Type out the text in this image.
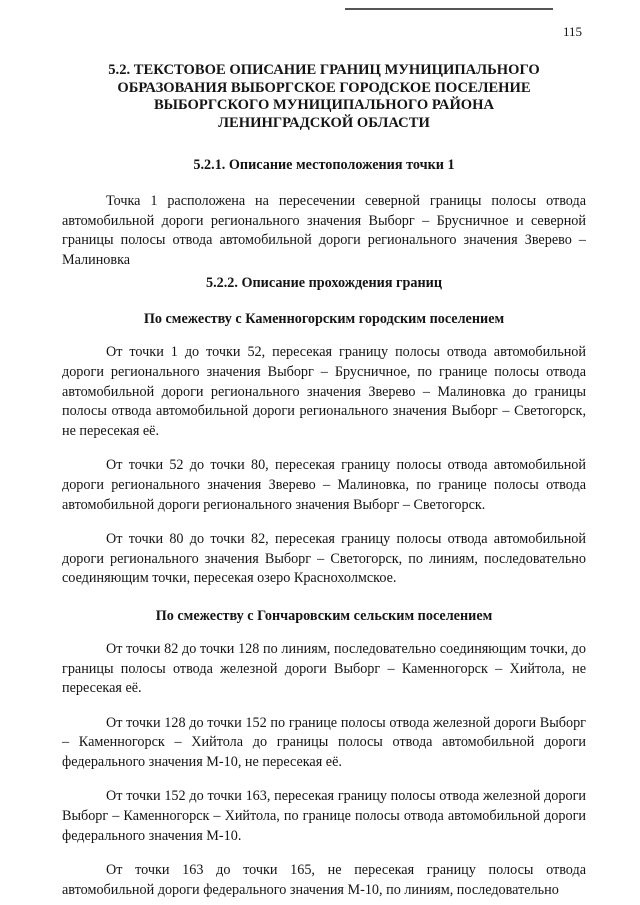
115
5.2. ТЕКСТОВОЕ ОПИСАНИЕ ГРАНИЦ МУНИЦИПАЛЬНОГО
ОБРАЗОВАНИЯ ВЫБОРГСКОЕ ГОРОДСКОЕ ПОСЕЛЕНИЕ
ВЫБОРГСКОГО МУНИЦИПАЛЬНОГО РАЙОНА
ЛЕНИНГРАДСКОЙ ОБЛАСТИ
5.2.1. Описание местоположения точки 1

Точка 1 расположена на пересечении северной границы полосы отвода автомобильной дороги регионального значения Выборг – Брусничное и северной границы полосы отвода автомобильной дороги регионального значения Зверево – Малиновка

5.2.2. Описание прохождения границ
По смежеству с Каменногорским городским поселением

От точки 1 до точки 52, пересекая границу полосы отвода автомобильной дороги регионального значения Выборг – Брусничное, по границе полосы отвода автомобильной дороги регионального значения Зверево – Малиновка до границы полосы отвода автомобильной дороги регионального значения Выборг – Светогорск, не пересекая её.

От точки 52 до точки 80, пересекая границу полосы отвода автомобильной дороги регионального значения Зверево – Малиновка, по границе полосы отвода автомобильной дороги регионального значения Выборг – Светогорск.

От точки 80 до точки 82, пересекая границу полосы отвода автомобильной дороги регионального значения Выборг – Светогорск, по линиям, последовательно соединяющим точки, пересекая озеро Краснохолмское.

По смежеству с Гончаровским сельским поселением

От точки 82 до точки 128 по линиям, последовательно соединяющим точки, до границы полосы отвода железной дороги Выборг – Каменногорск – Хийтола, не пересекая её.

От точки 128 до точки 152 по границе полосы отвода железной дороги Выборг – Каменногорск – Хийтола до границы полосы отвода автомобильной дороги федерального значения М-10, не пересекая её.

От точки 152 до точки 163, пересекая границу полосы отвода железной дороги Выборг – Каменногорск – Хийтола, по границе полосы отвода автомобильной дороги федерального значения М-10.

От точки 163 до точки 165, не пересекая границу полосы отвода автомобильной дороги федерального значения М-10, по линиям, последовательно
